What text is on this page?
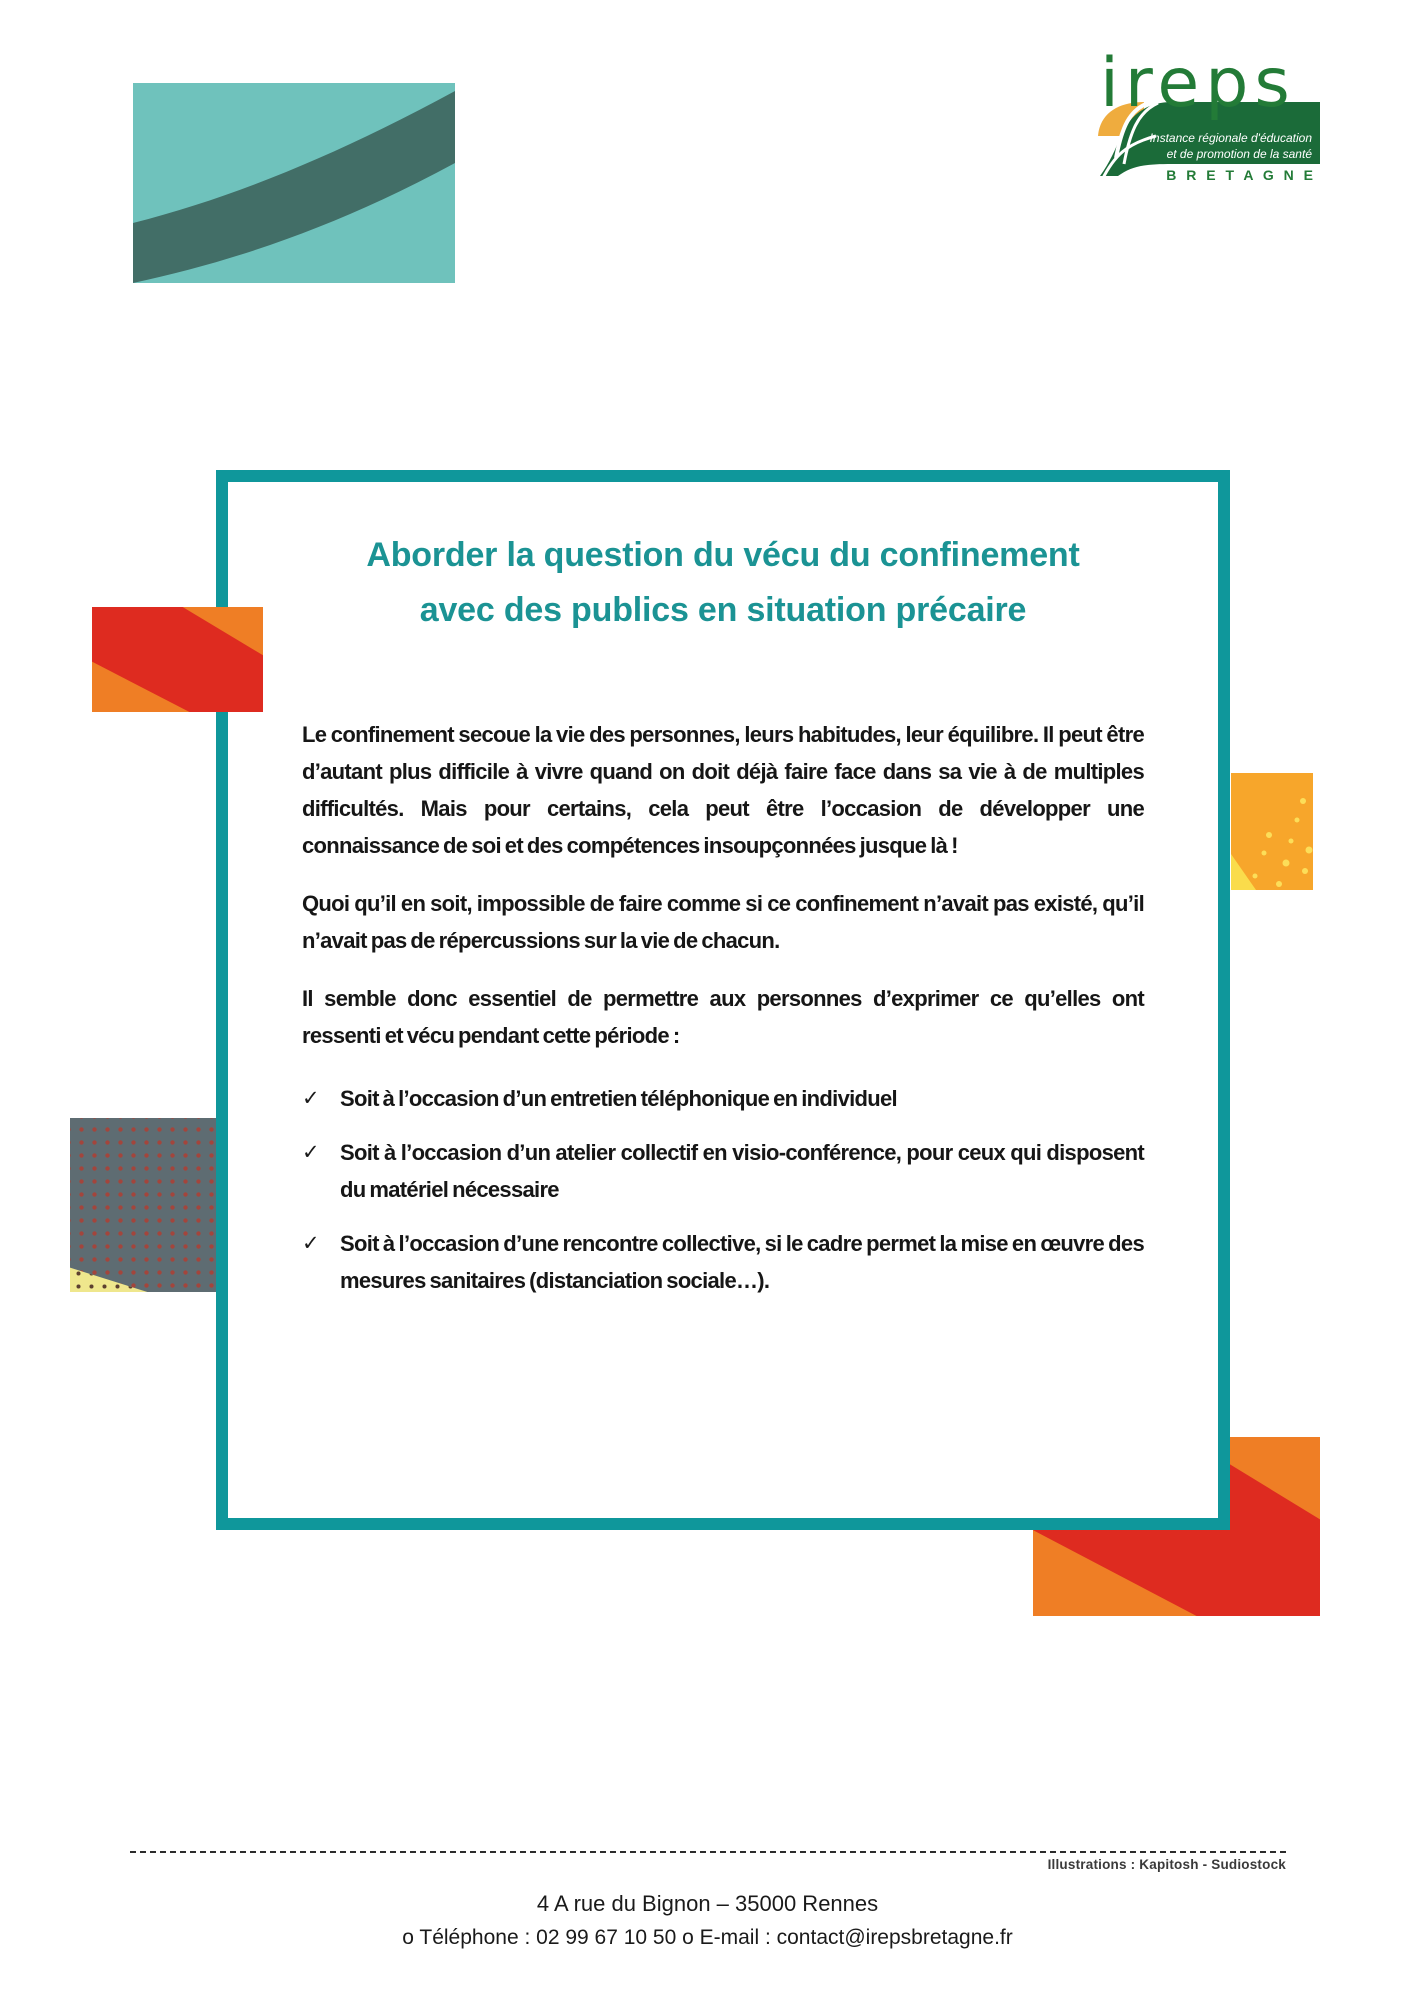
ireps
Instance régionale d'éducation
et de promotion de la santé
B R E T A G N E
Aborder la question du vécu du confinement
avec des publics en situation précaire

Le confinement secoue la vie des personnes, leurs habitudes, leur équilibre. Il peut être d’autant plus difficile à vivre quand on doit déjà faire face dans sa vie à de multiples difficultés. Mais pour certains, cela peut être l’occasion de développer une connaissance de soi et des compétences insoupçonnées jusque là !

Quoi qu’il en soit, impossible de faire comme si ce confinement n’avait pas existé, qu’il n’avait pas de répercussions sur la vie de chacun.

Il semble donc essentiel de permettre aux personnes d’exprimer ce qu’elles ont ressenti et vécu pendant cette période :

✓ Soit à l’occasion d’un entretien téléphonique en individuel
✓ Soit à l’occasion d’un atelier collectif en visio-conférence, pour ceux qui disposent du matériel nécessaire
✓ Soit à l’occasion d’une rencontre collective, si le cadre permet la mise en œuvre des mesures sanitaires (distanciation sociale…).
Illustrations : Kapitosh - Sudiostock
4 A rue du Bignon – 35000 Rennes
o Téléphone : 02 99 67 10 50 o E-mail : contact@irepsbretagne.fr
